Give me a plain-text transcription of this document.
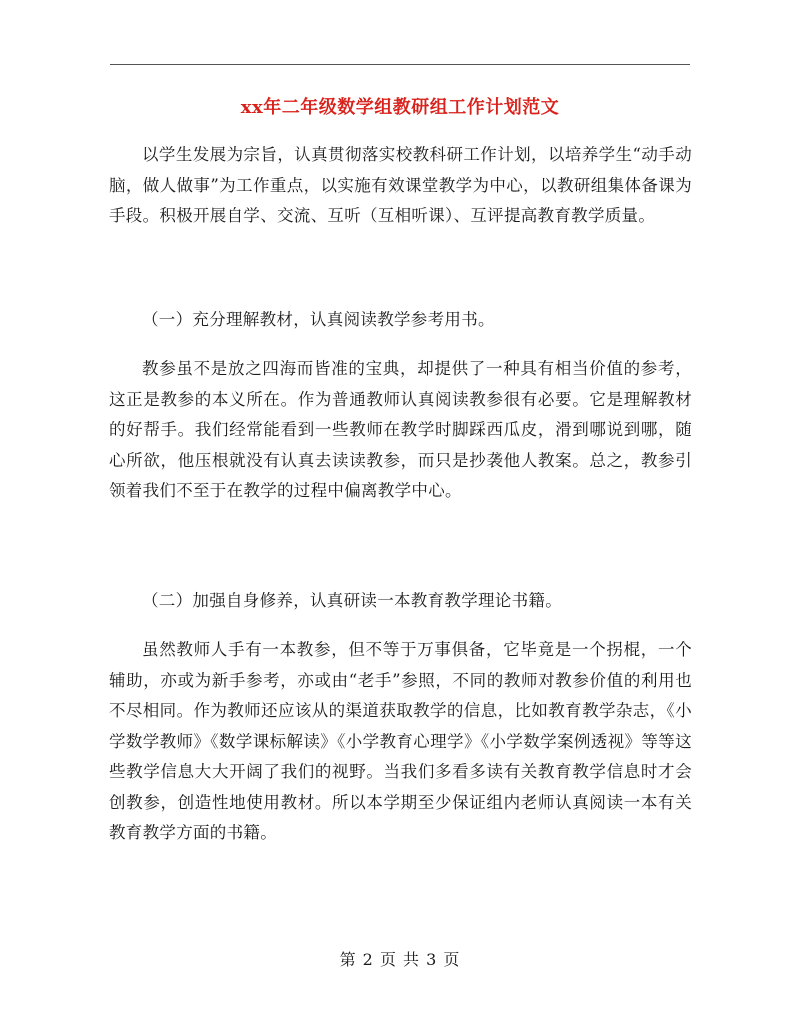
xx年二年级数学组教研组工作计划范文

以学生发展为宗旨，认真贯彻落实校教科研工作计划，以培养学生“动手动脑，做人做事”为工作重点，以实施有效课堂教学为中心，以教研组集体备课为手段。积极开展自学、交流、互听（互相听课）、互评提高教育教学质量。

（一）充分理解教材，认真阅读教学参考用书。

教参虽不是放之四海而皆准的宝典，却提供了一种具有相当价值的参考，这正是教参的本义所在。作为普通教师认真阅读教参很有必要。它是理解教材的好帮手。我们经常能看到一些教师在教学时脚踩西瓜皮，滑到哪说到哪，随心所欲，他压根就没有认真去读读教参，而只是抄袭他人教案。总之，教参引领着我们不至于在教学的过程中偏离教学中心。

（二）加强自身修养，认真研读一本教育教学理论书籍。

虽然教师人手有一本教参，但不等于万事俱备，它毕竟是一个拐棍，一个辅助，亦或为新手参考，亦或由“老手”参照，不同的教师对教参价值的利用也不尽相同。作为教师还应该从的渠道获取教学的信息，比如教育教学杂志，《小学数学教师》《数学课标解读》《小学教育心理学》《小学数学案例透视》等等这些教学信息大大开阔了我们的视野。当我们多看多读有关教育教学信息时才会创教参，创造性地使用教材。所以本学期至少保证组内老师认真阅读一本有关教育教学方面的书籍。

第 2 页 共 3 页
